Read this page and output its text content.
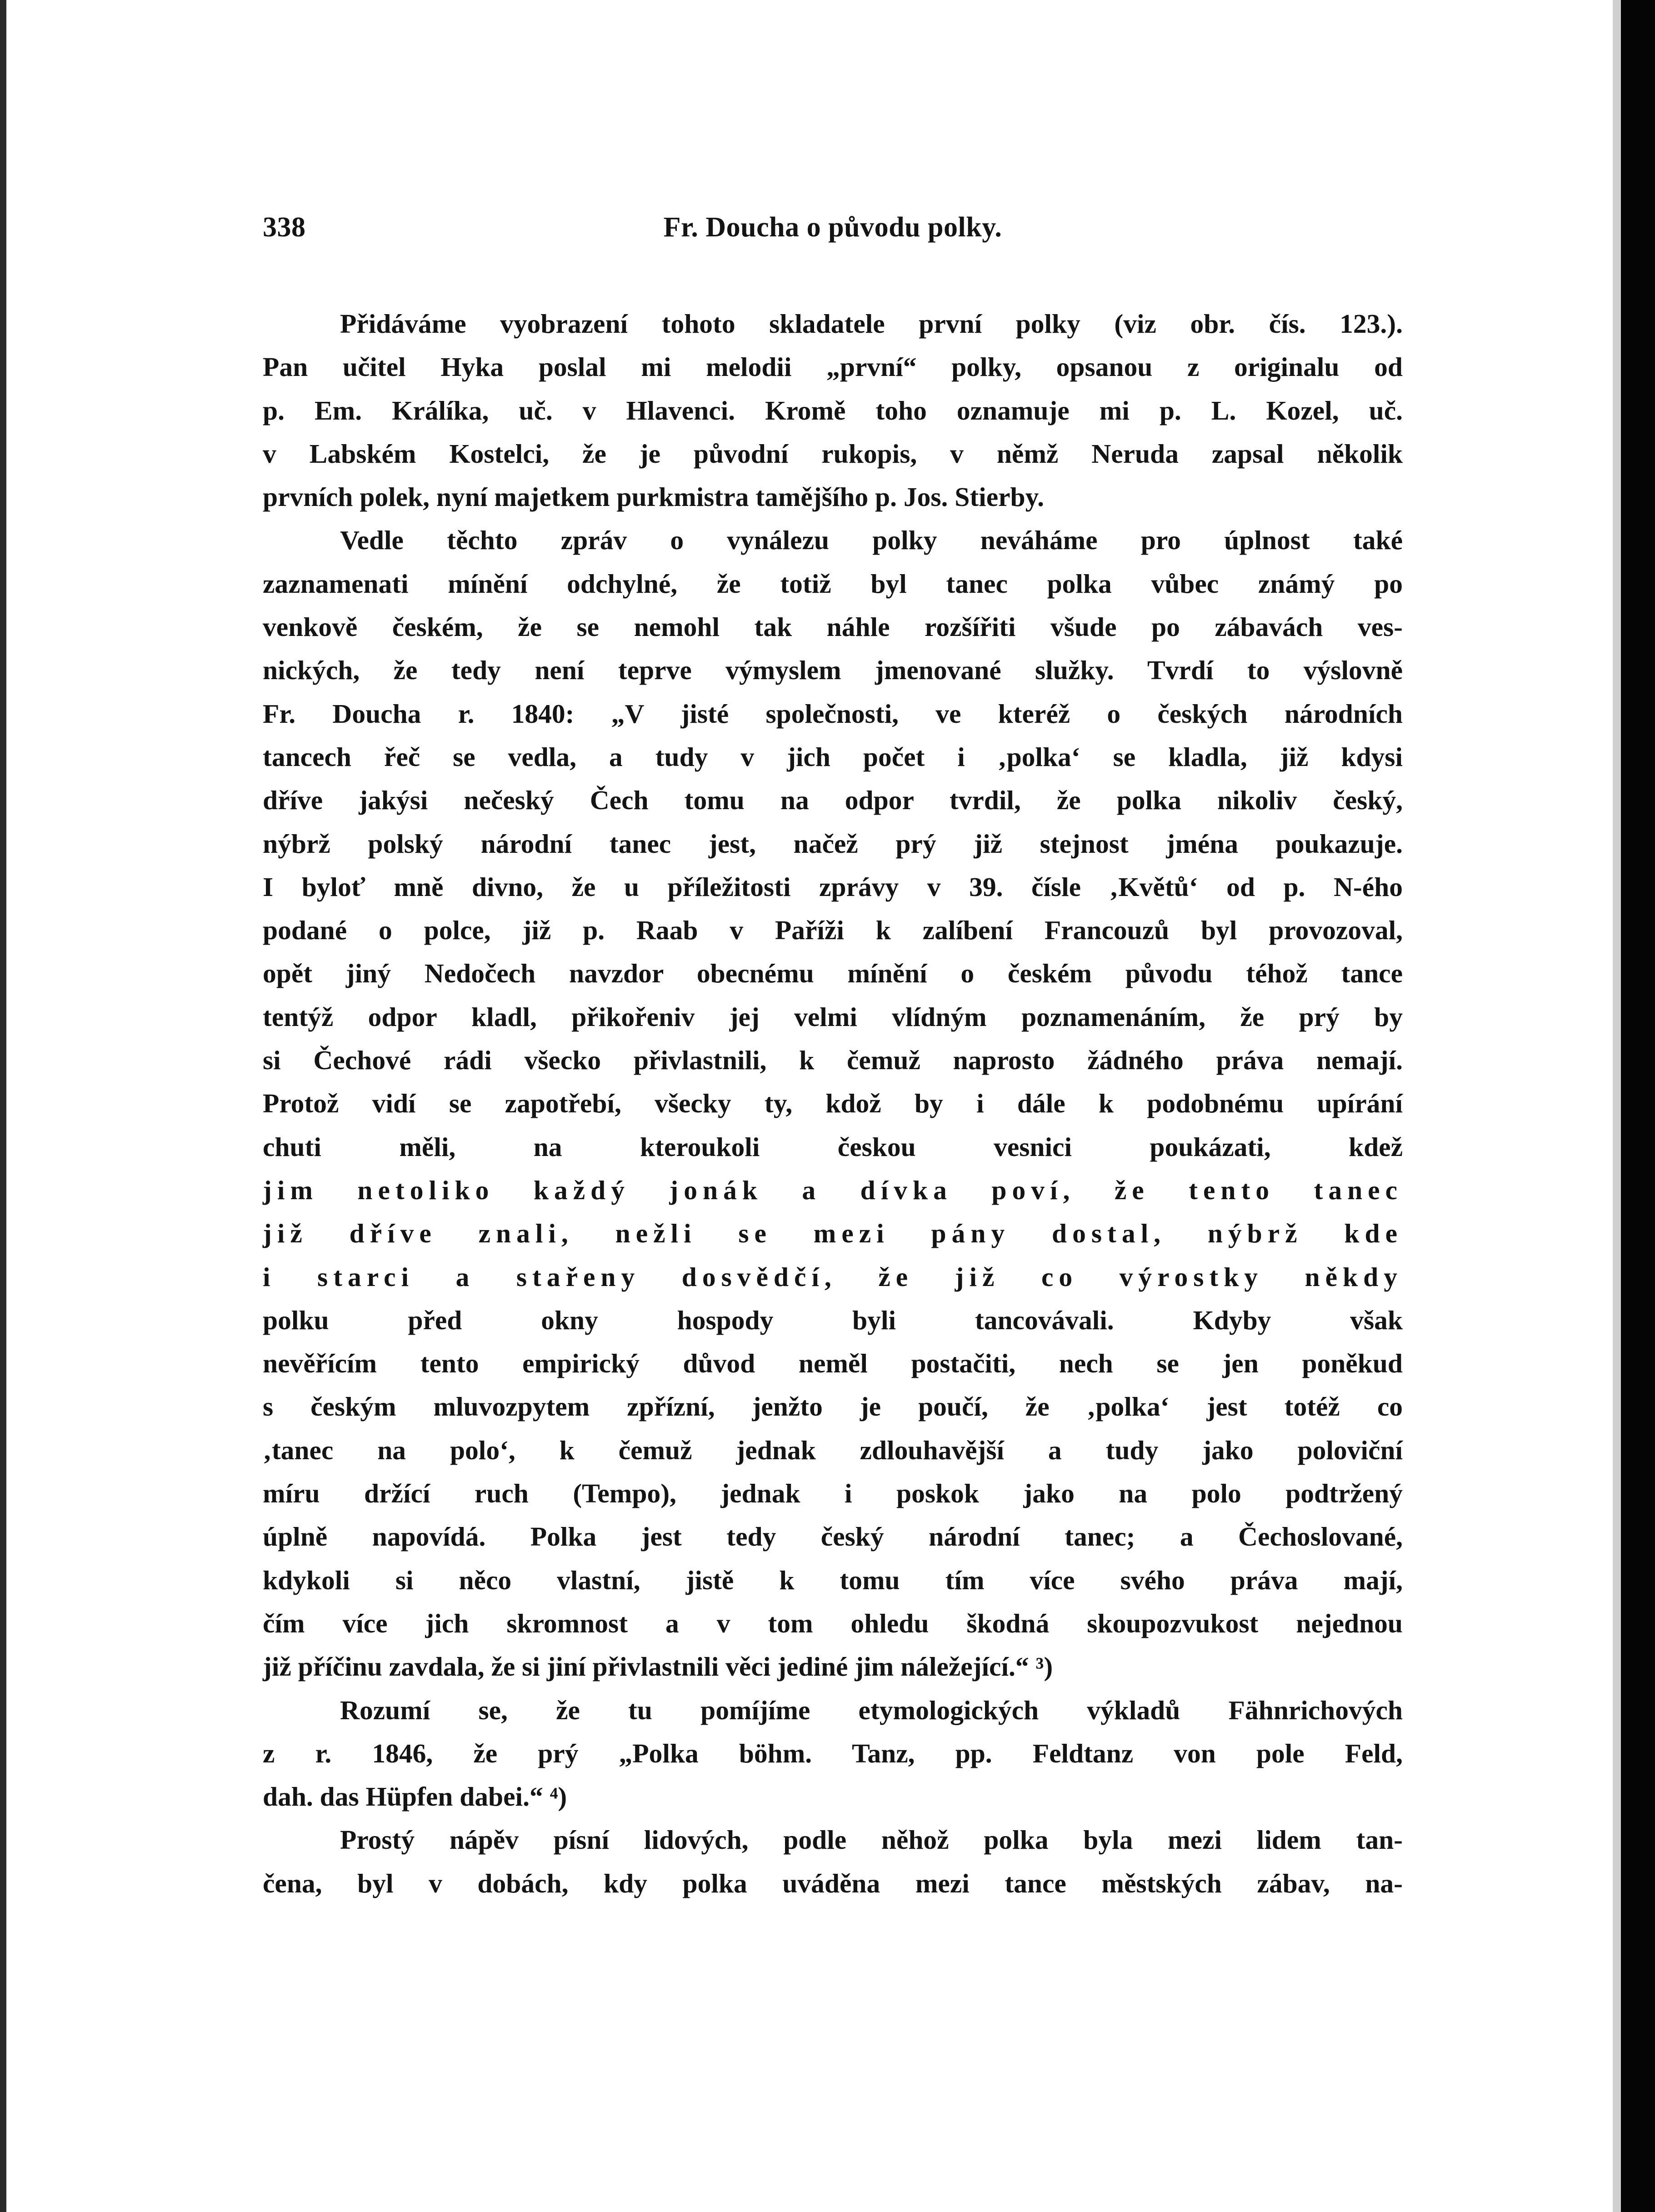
338	Fr. Doucha o původu polky.
Přidáváme vyobrazení tohoto skladatele první polky (viz obr. čís. 123.).
Pan učitel Hyka poslal mi melodii „první“ polky, opsanou z originalu od
p. Em. Králíka, uč. v Hlavenci. Kromě toho oznamuje mi p. L. Kozel, uč.
v Labském Kostelci, že je původní rukopis, v němž Neruda zapsal několik
prvních polek, nyní majetkem purkmistra tamějšího p. Jos. Stierby.
Vedle těchto zpráv o vynálezu polky neváháme pro úplnost také
zaznamenati mínění odchylné, že totiž byl tanec polka vůbec známý po
venkově českém, že se nemohl tak náhle rozšířiti všude po zábavách ves-
nických, že tedy není teprve výmyslem jmenované služky. Tvrdí to výslovně
Fr. Doucha r. 1840: „V jisté společnosti, ve kteréž o českých národních
tancech řeč se vedla, a tudy v jich počet i ‚polka‘ se kladla, již kdysi
dříve jakýsi nečeský Čech tomu na odpor tvrdil, že polka nikoliv český,
nýbrž polský národní tanec jest, načež prý již stejnost jména poukazuje.
I byloť mně divno, že u příležitosti zprávy v 39. čísle ‚Květů‘ od p. N-ého
podané o polce, již p. Raab v Paříži k zalíbení Francouzů byl provozoval,
opět jiný Nedočech navzdor obecnému mínění o českém původu téhož tance
tentýž odpor kladl, přikořeniv jej velmi vlídným poznamenáním, že prý by
si Čechové rádi všecko přivlastnili, k čemuž naprosto žádného práva nemají.
Protož vidí se zapotřebí, všecky ty, kdož by i dále k podobnému upírání
chuti měli, na kteroukoli českou vesnici poukázati, kdež
jim netoliko každý jonák a dívka poví, že tento tanec
již dříve znali, nežli se mezi pány dostal, nýbrž kde
i starci a stařeny dosvědčí, že již co výrostky někdy
polku před okny hospody byli tancovávali. Kdyby však
nevěřícím tento empirický důvod neměl postačiti, nech se jen poněkud
s českým mluvozpytem zpřízní, jenžto je poučí, že ‚polka‘ jest totéž co
‚tanec na polo‘, k čemuž jednak zdlouhavější a tudy jako poloviční
míru držící ruch (Tempo), jednak i poskok jako na polo podtržený
úplně napovídá. Polka jest tedy český národní tanec; a Čechoslované,
kdykoli si něco vlastní, jistě k tomu tím více svého práva mají,
čím více jich skromnost a v tom ohledu škodná skoupozvukost nejednou
již příčinu zavdala, že si jiní přivlastnili věci jediné jim náležející.“ ³)
Rozumí se, že tu pomíjíme etymologických výkladů Fähnrichových
z r. 1846, že prý „Polka böhm. Tanz, pp. Feldtanz von pole Feld,
dah. das Hüpfen dabei.“ ⁴)
Prostý nápěv písní lidových, podle něhož polka byla mezi lidem tan-
čena, byl v dobách, kdy polka uváděna mezi tance městských zábav, na-
